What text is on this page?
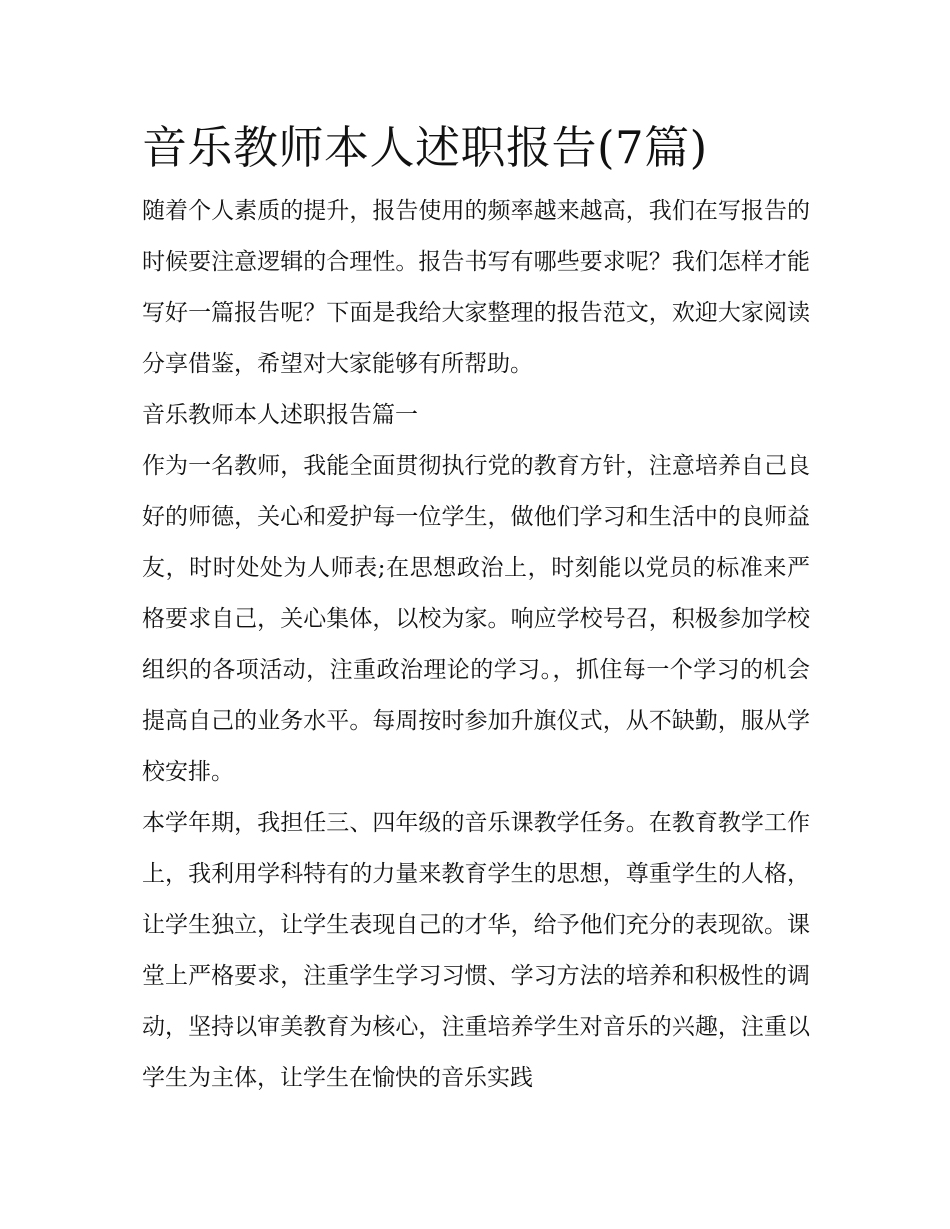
音乐教师本人述职报告(7篇)

随着个人素质的提升，报告使用的频率越来越高，我们在写报告的时候要注意逻辑的合理性。报告书写有哪些要求呢？我们怎样才能写好一篇报告呢？下面是我给大家整理的报告范文，欢迎大家阅读分享借鉴，希望对大家能够有所帮助。

音乐教师本人述职报告篇一

作为一名教师，我能全面贯彻执行党的教育方针，注意培养自己良好的师德，关心和爱护每一位学生，做他们学习和生活中的良师益友，时时处处为人师表;在思想政治上，时刻能以党员的标准来严格要求自己，关心集体，以校为家。响应学校号召，积极参加学校组织的各项活动，注重政治理论的学习。，抓住每一个学习的机会提高自己的业务水平。每周按时参加升旗仪式，从不缺勤，服从学校安排。

本学年期，我担任三、四年级的音乐课教学任务。在教育教学工作上，我利用学科特有的力量来教育学生的思想，尊重学生的人格，让学生独立，让学生表现自己的才华，给予他们充分的表现欲。课堂上严格要求，注重学生学习习惯、学习方法的培养和积极性的调动，坚持以审美教育为核心，注重培养学生对音乐的兴趣，注重以学生为主体，让学生在愉快的音乐实践
